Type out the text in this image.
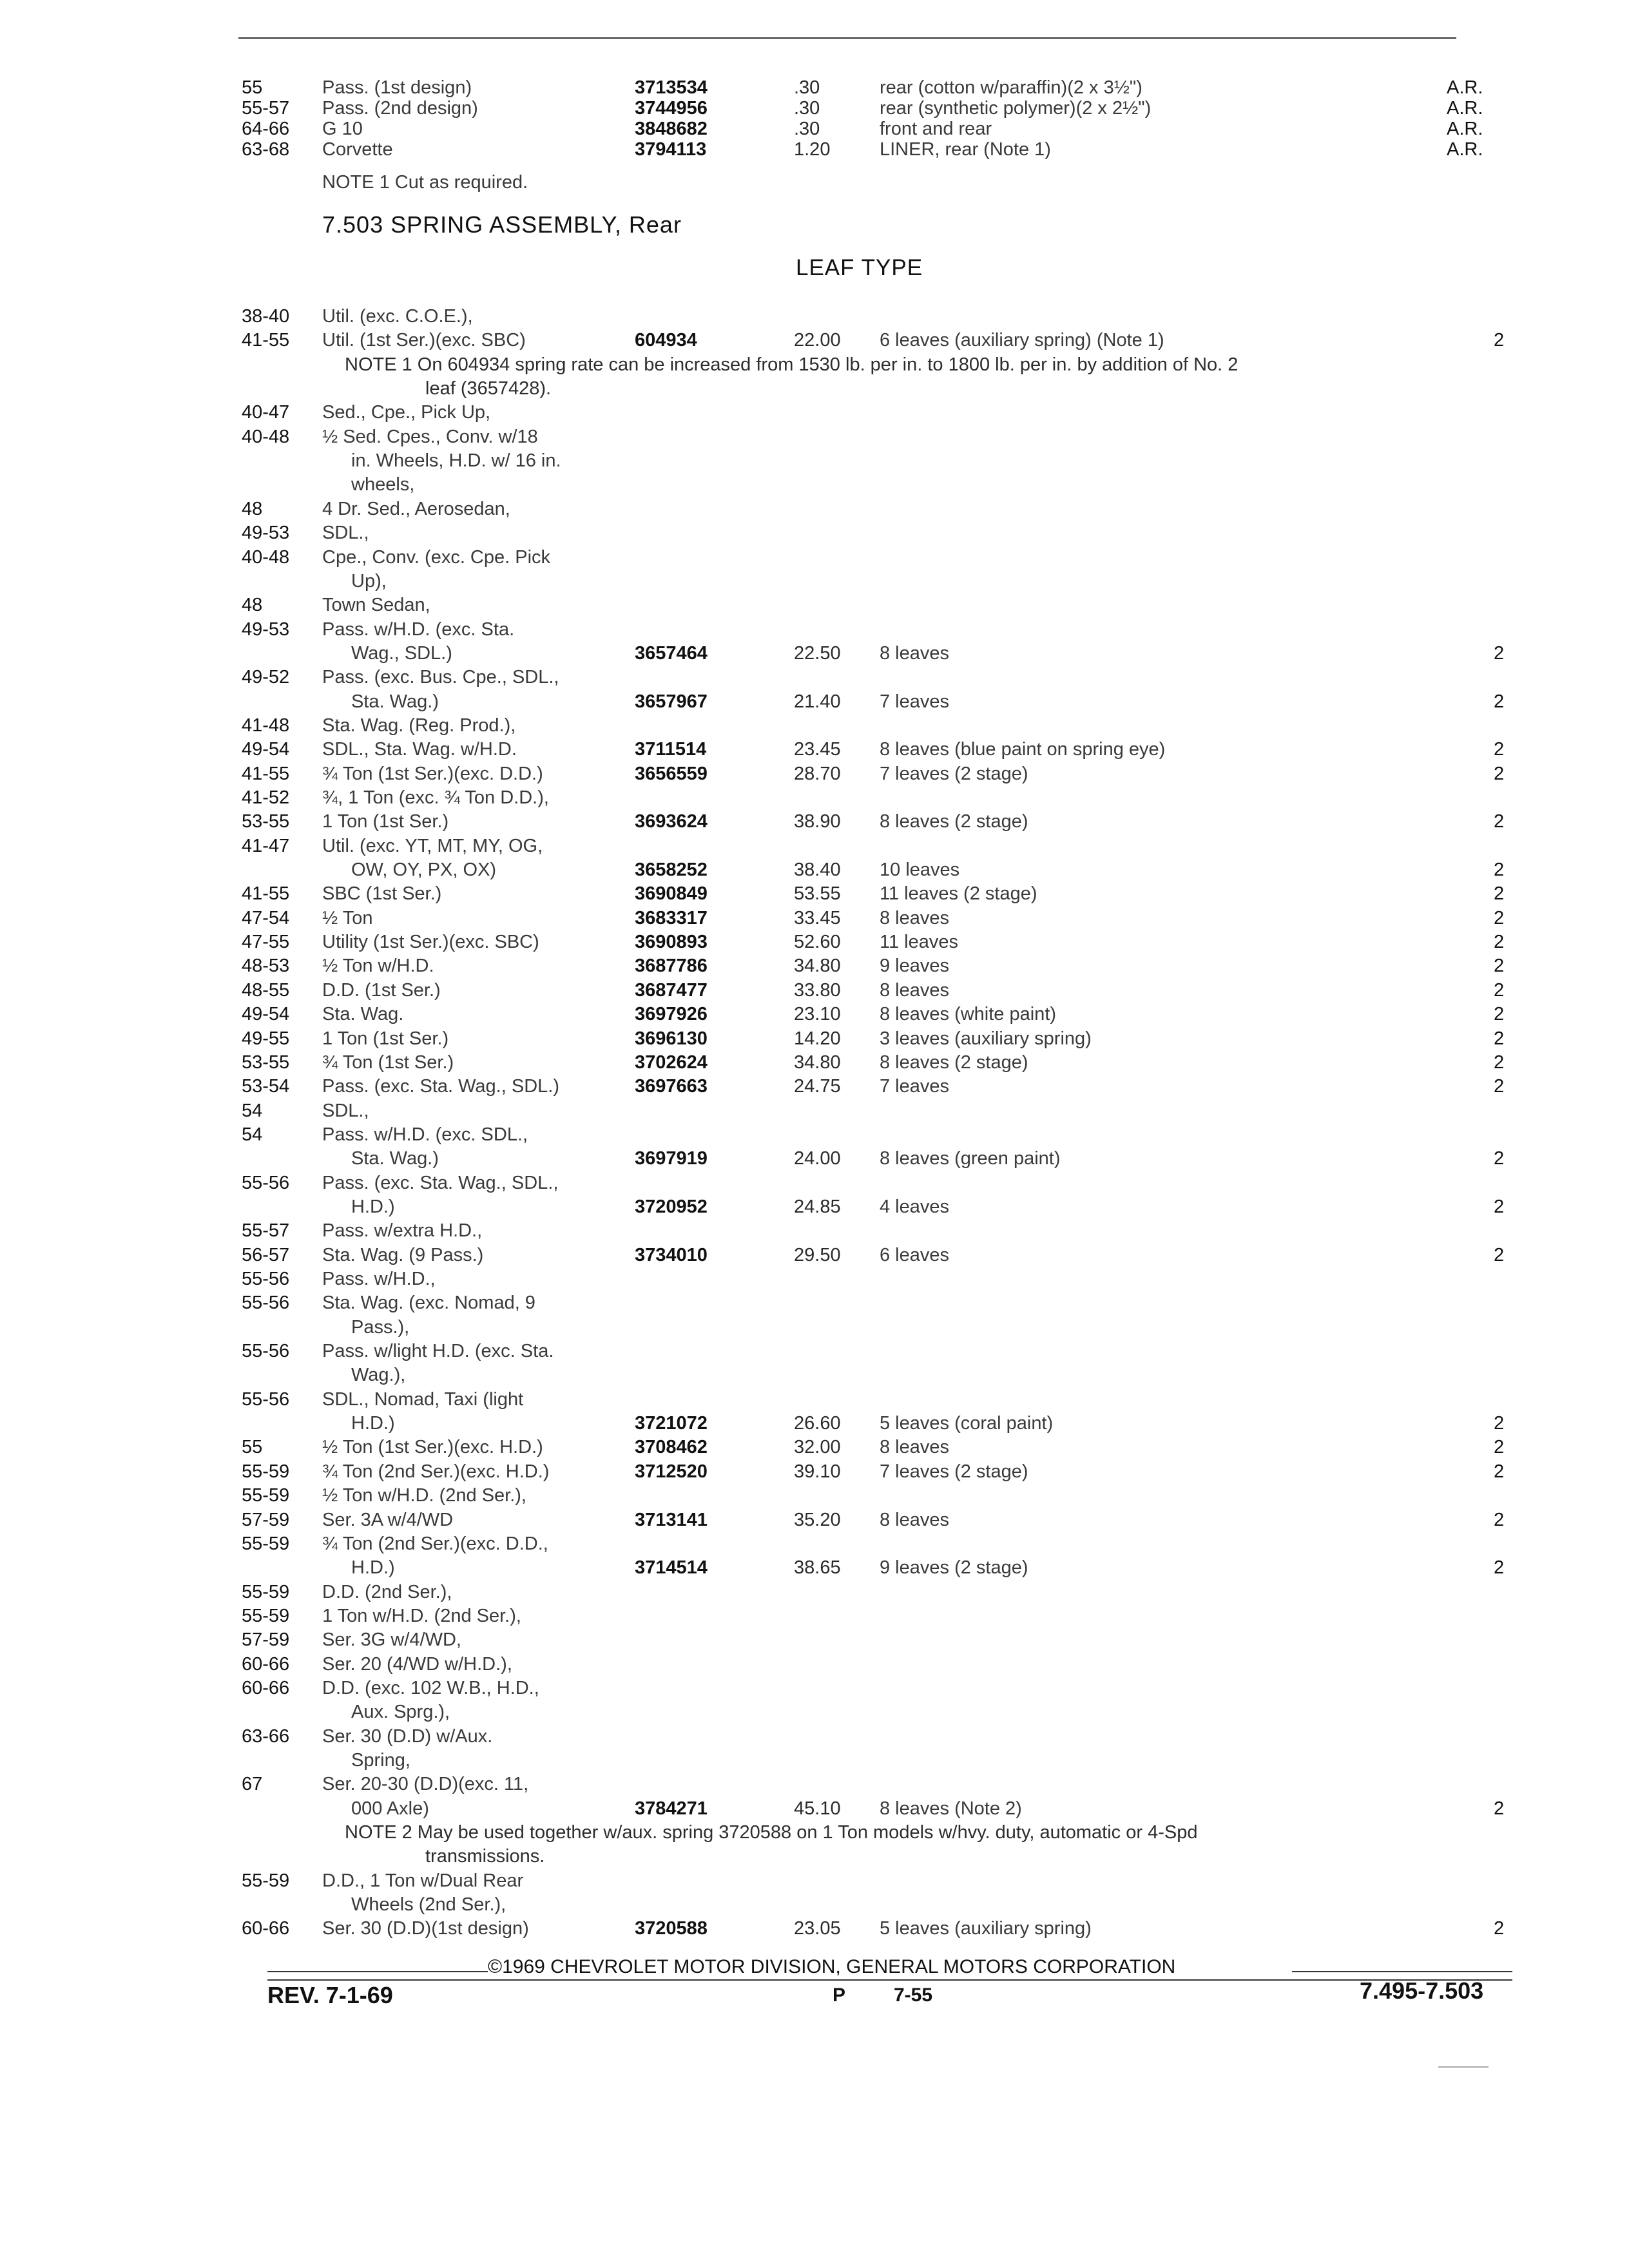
55	Pass. (1st design)	3713534	.30	rear (cotton w/paraffin)(2 x 3½")	A.R.
55-57 Pass. (2nd design)	3744956	.30	rear (synthetic polymer)(2 x 2½")	A.R.
64-66 G 10	3848682	.30	front and rear	A.R.
63-68 Corvette	3794113	1.20	LINER, rear (Note 1)	A.R.
NOTE 1 Cut as required.
7.503 SPRING ASSEMBLY, Rear
LEAF TYPE
38-40 Util. (exc. C.O.E.),
41-55 Util. (1st Ser.)(exc. SBC)	604934	22.00 6 leaves (auxiliary spring) (Note 1)	2
NOTE 1 On 604934 spring rate can be increased from 1530 lb. per in. to 1800 lb. per in. by addition of No. 2
leaf (3657428).
40-47 Sed., Cpe., Pick Up,
40-48 ½ Sed. Cpes., Conv. w/18
in. Wheels, H.D. w/ 16 in.
wheels,
48	4 Dr. Sed., Aerosedan,
49-53 SDL.,
40-48 Cpe., Conv. (exc. Cpe. Pick
Up),
48	Town Sedan,
49-53 Pass. w/H.D. (exc. Sta.
Wag., SDL.)	3657464	22.50 8 leaves	2
49-52 Pass. (exc. Bus. Cpe., SDL.,
Sta. Wag.)	3657967	21.40 7 leaves	2
41-48 Sta. Wag. (Reg. Prod.),
49-54 SDL., Sta. Wag. w/H.D.	3711514	23.45 8 leaves (blue paint on spring eye)	2
41-55 ¾ Ton (1st Ser.)(exc. D.D.)	3656559	28.70 7 leaves (2 stage)	2
41-52 ¾, 1 Ton (exc. ¾ Ton D.D.),
53-55 1 Ton (1st Ser.)	3693624	38.90 8 leaves (2 stage)	2
41-47 Util. (exc. YT, MT, MY, OG,
OW, OY, PX, OX)	3658252	38.40 10 leaves	2
41-55 SBC (1st Ser.)	3690849	53.55 11 leaves (2 stage)	2
47-54 ½ Ton	3683317	33.45 8 leaves	2
47-55 Utility (1st Ser.)(exc. SBC)	3690893	52.60 11 leaves	2
48-53 ½ Ton w/H.D.	3687786	34.80 9 leaves	2
48-55 D.D. (1st Ser.)	3687477	33.80 8 leaves	2
49-54 Sta. Wag.	3697926	23.10 8 leaves (white paint)	2
49-55 1 Ton (1st Ser.)	3696130	14.20 3 leaves (auxiliary spring)	2
53-55 ¾ Ton (1st Ser.)	3702624	34.80 8 leaves (2 stage)	2
53-54 Pass. (exc. Sta. Wag., SDL.)	3697663	24.75 7 leaves	2
54	SDL.,
54	Pass. w/H.D. (exc. SDL.,
Sta. Wag.)	3697919	24.00 8 leaves (green paint)	2
55-56 Pass. (exc. Sta. Wag., SDL.,
H.D.)	3720952	24.85 4 leaves	2
55-57 Pass. w/extra H.D.,
56-57 Sta. Wag. (9 Pass.)	3734010	29.50 6 leaves	2
55-56 Pass. w/H.D.,
55-56 Sta. Wag. (exc. Nomad, 9
Pass.),
55-56 Pass. w/light H.D. (exc. Sta.
Wag.),
55-56 SDL., Nomad, Taxi (light
H.D.)	3721072	26.60 5 leaves (coral paint)	2
55	½ Ton (1st Ser.)(exc. H.D.)	3708462	32.00 8 leaves	2
55-59 ¾ Ton (2nd Ser.)(exc. H.D.)	3712520	39.10 7 leaves (2 stage)	2
55-59 ½ Ton w/H.D. (2nd Ser.),
57-59 Ser. 3A w/4/WD	3713141	35.20 8 leaves	2
55-59 ¾ Ton (2nd Ser.)(exc. D.D.,
H.D.)	3714514	38.65 9 leaves (2 stage)	2
55-59 D.D. (2nd Ser.),
55-59 1 Ton w/H.D. (2nd Ser.),
57-59 Ser. 3G w/4/WD,
60-66 Ser. 20 (4/WD w/H.D.),
60-66 D.D. (exc. 102 W.B., H.D.,
Aux. Sprg.),
63-66 Ser. 30 (D.D) w/Aux.
Spring,
67	Ser. 20-30 (D.D)(exc. 11,
000 Axle)	3784271	45.10 8 leaves (Note 2)	2
NOTE 2 May be used together w/aux. spring 3720588 on 1 Ton models w/hvy. duty, automatic or 4-Spd
transmissions.
55-59 D.D., 1 Ton w/Dual Rear
Wheels (2nd Ser.),
60-66 Ser. 30 (D.D)(1st design)	3720588	23.05 5 leaves (auxiliary spring)	2
©1969 CHEVROLET MOTOR DIVISION, GENERAL MOTORS CORPORATION
REV. 7-1-69	P 7-55	7.495-7.503
